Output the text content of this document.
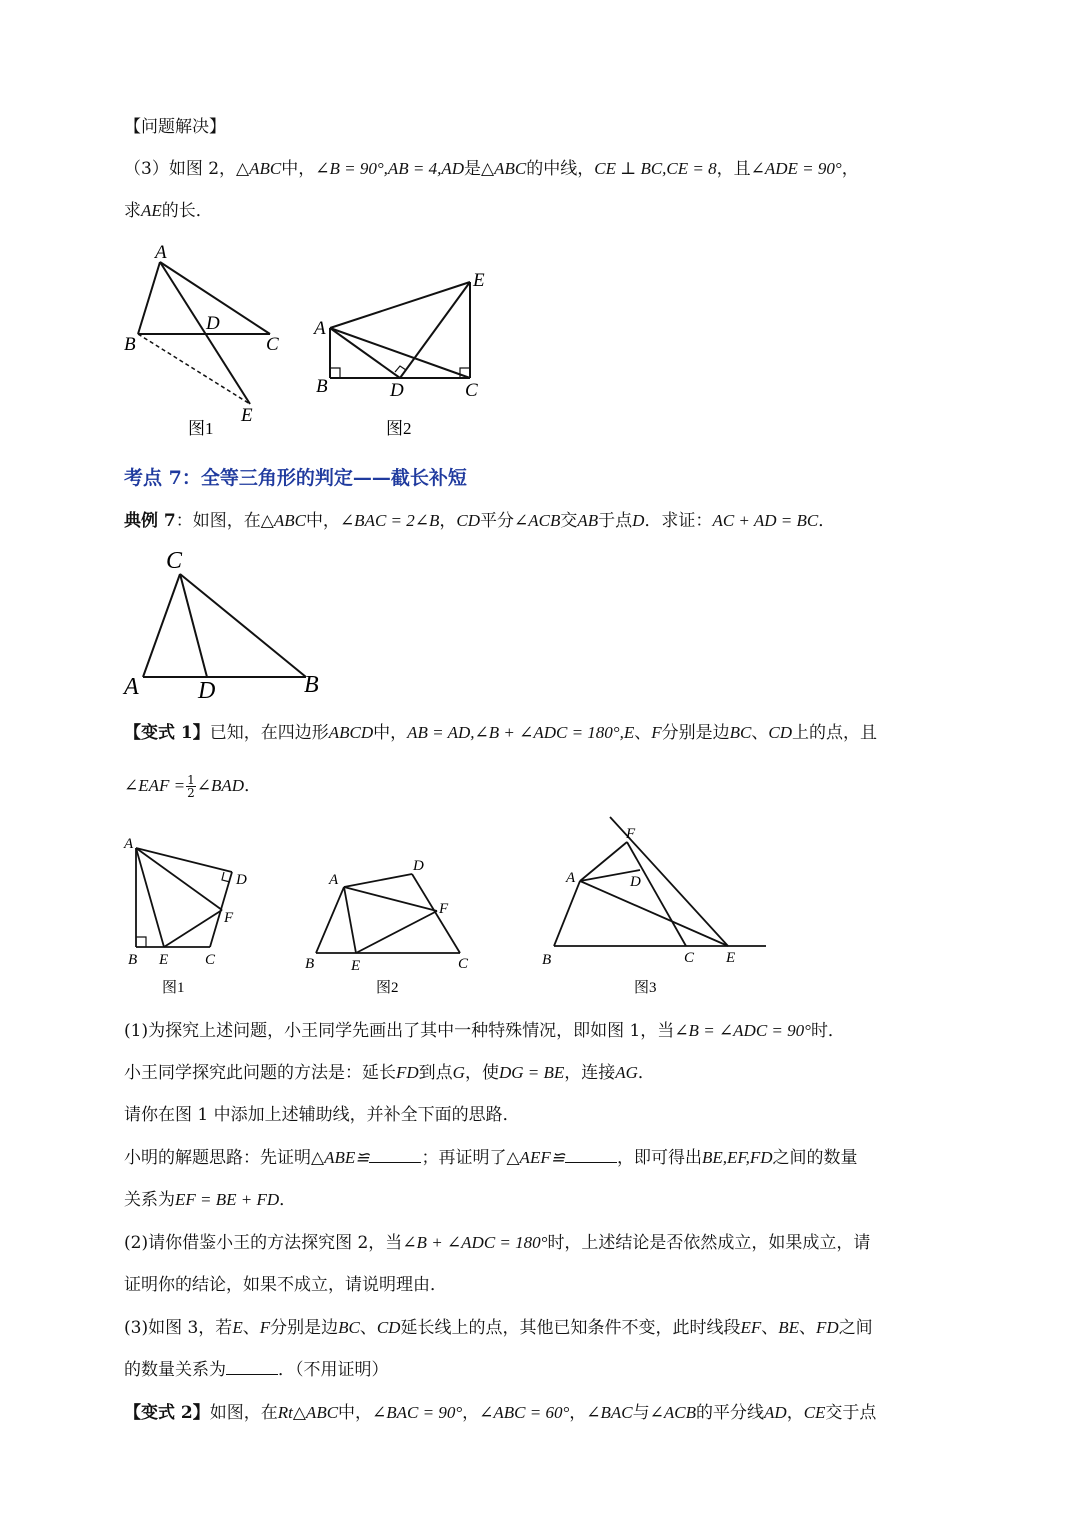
【问题解决】
（3）如图 2，△ABC中，∠B = 90°,AB = 4,AD是△ABC的中线，CE ⊥ BC,CE = 8，且∠ADE = 90°，
求AE的长．
A
B	C
D
E
图1
A
B	C
D
E
图2
考点 7：全等三角形的判定——截长补短
典例 7：如图，在△ABC中，∠BAC = 2∠B，CD平分∠ACB交AB于点D．求证：AC + AD = BC．
C
A D	B
【变式 1】已知，在四边形ABCD中，AB = AD,∠B + ∠ADC = 180°,E、F分别是边BC、CD上的点，且
∠EAF = $\frac{1}{2}$ ∠BAD．
A
B	C
D
E
F
图1
A
B	C
D
E
F
图2
A
B	C
D
E
F
图3
(1)为探究上述问题，小王同学先画出了其中一种特殊情况，即如图 1，当∠B = ∠ADC = 90°时．
小王同学探究此问题的方法是：延长FD到点G，使DG = BE，连接AG．
请你在图 1 中添加上述辅助线，并补全下面的思路．
小明的解题思路：先证明△ABE≌	；再证明了△AEF≌	，即可得出BE,EF,FD之间的数量
关系为EF = BE + FD．
(2)请你借鉴小王的方法探究图 2，当∠B + ∠ADC = 180°时，上述结论是否依然成立，如果成立，请
证明你的结论，如果不成立，请说明理由．
(3)如图 3，若E、F分别是边BC、CD延长线上的点，其他已知条件不变，此时线段EF、BE、FD之间
的数量关系为	．（不用证明）
【变式 2】如图，在Rt△ABC中，∠BAC = 90°，∠ABC = 60°，∠BAC与∠ACB的平分线AD，CE交于点
